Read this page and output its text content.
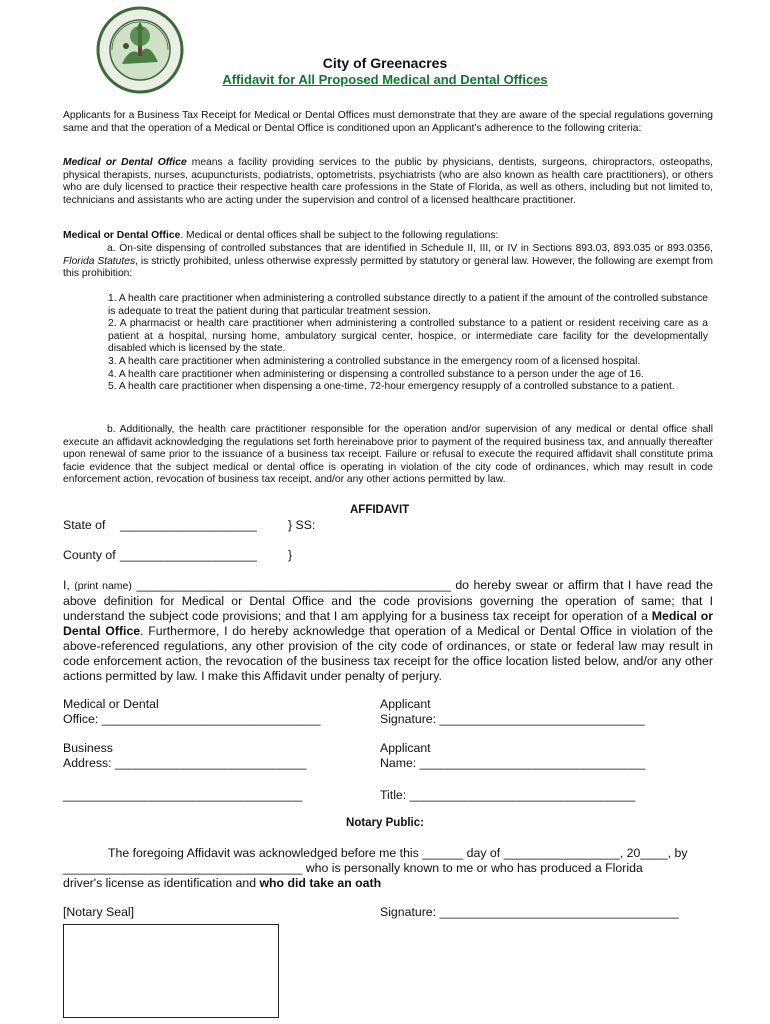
City of Greenacres
Affidavit for All Proposed Medical and Dental Offices
Applicants for a Business Tax Receipt for Medical or Dental Offices must demonstrate that they are aware of the special regulations governing same and that the operation of a Medical or Dental Office is conditioned upon an Applicant’s adherence to the following criteria:
Medical or Dental Office means a facility providing services to the public by physicians, dentists, surgeons, chiropractors, osteopaths, physical therapists, nurses, acupuncturists, podiatrists, optometrists, psychiatrists (who are also known as health care practitioners), or others who are duly licensed to practice their respective health care professions in the State of Florida, as well as others, including but not limited to, technicians and assistants who are acting under the supervision and control of a licensed healthcare practitioner.
Medical or Dental Office. Medical or dental offices shall be subject to the following regulations:
a. On-site dispensing of controlled substances that are identified in Schedule II, III, or IV in Sections 893.03, 893.035 or 893.0356, Florida Statutes, is strictly prohibited, unless otherwise expressly permitted by statutory or general law. However, the following are exempt from this prohibition:
1. A health care practitioner when administering a controlled substance directly to a patient if the amount of the controlled substance is adequate to treat the patient during that particular treatment session.
2. A pharmacist or health care practitioner when administering a controlled substance to a patient or resident receiving care as a patient at a hospital, nursing home, ambulatory surgical center, hospice, or intermediate care facility for the developmentally disabled which is licensed by the state.
3. A health care practitioner when administering a controlled substance in the emergency room of a licensed hospital.
4. A health care practitioner when administering or dispensing a controlled substance to a person under the age of 16.
5. A health care practitioner when dispensing a one-time, 72-hour emergency resupply of a controlled substance to a patient.
b. Additionally, the health care practitioner responsible for the operation and/or supervision of any medical or dental office shall execute an affidavit acknowledging the regulations set forth hereinabove prior to payment of the required business tax, and annually thereafter upon renewal of same prior to the issuance of a business tax receipt. Failure or refusal to execute the required affidavit shall constitute prima facie evidence that the subject medical or dental office is operating in violation of the city code of ordinances, which may result in code enforcement action, revocation of business tax receipt, and/or any other actions permitted by law.
AFFIDAVIT
State of ____________________	} SS:
County of ____________________	}
I, (print name) ______________________________________________ do hereby swear or affirm that I have read the above definition for Medical or Dental Office and the code provisions governing the operation of same; that I understand the subject code provisions; and that I am applying for a business tax receipt for operation of a Medical or Dental Office. Furthermore, I do hereby acknowledge that operation of a Medical or Dental Office in violation of the above-referenced regulations, any other provision of the city code of ordinances, or state or federal law may result in code enforcement action, the revocation of the business tax receipt for the office location listed below, and/or any other actions permitted by law. I make this Affidavit under penalty of perjury.
Medical or Dental
Office: ________________________________
Applicant
Signature: ______________________________
Business
Address: ____________________________
Applicant
Name: _________________________________
___________________________________	Title: _________________________________
Notary Public:
The foregoing Affidavit was acknowledged before me this ______ day of _________________, 20____, by
___________________________________ who is personally known to me or who has produced a Florida
driver's license as identification and who did take an oath
[Notary Seal]	Signature: ___________________________________
